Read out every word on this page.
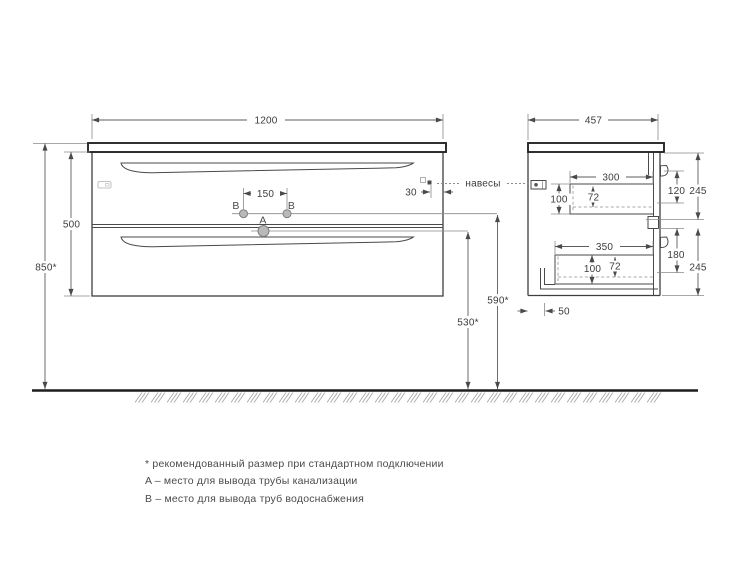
1200
500
850*
150	30
590*
530*
навесы
B	B
A
457
300
100 72
120 245
350
100 72
180
245
50
* рекомендованный размер при стандартном подключении
A – место для вывода трубы канализации
B – место для вывода труб водоснабжения
